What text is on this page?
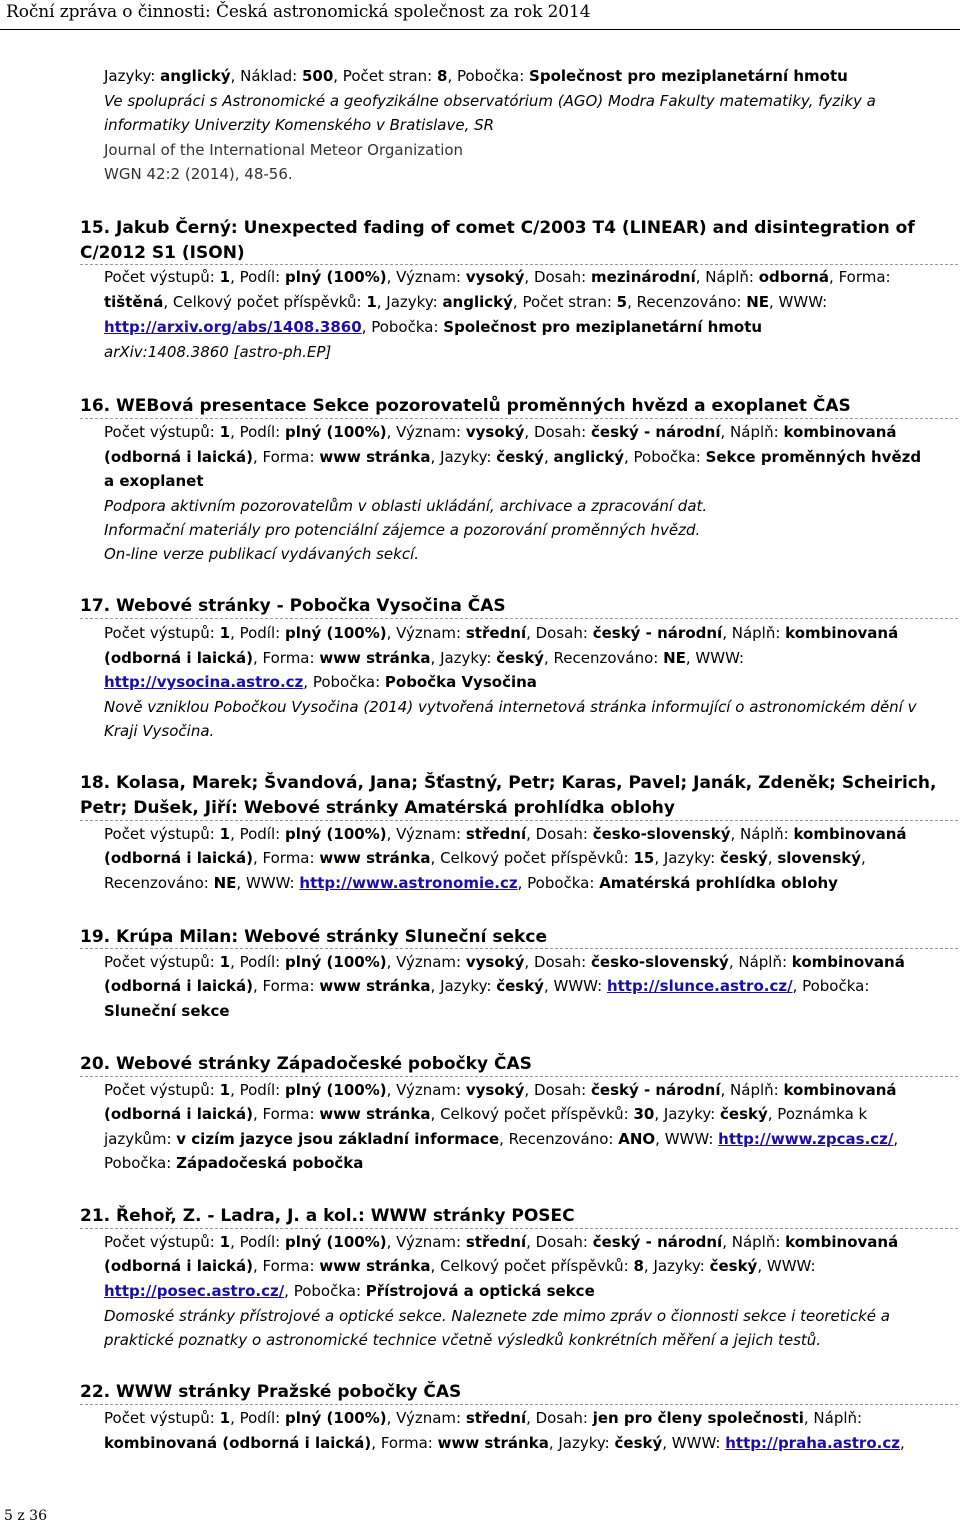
Roční zpráva o činnosti: Česká astronomická společnost za rok 2014
Jazyky: anglický, Náklad: 500, Počet stran: 8, Pobočka: Společnost pro meziplanetární hmotu
Ve spolupráci s Astronomické a geofyzikálne observatórium (AGO) Modra Fakulty matematiky, fyziky a
informatiky Univerzity Komenského v Bratislave, SR
Journal of the International Meteor Organization
WGN 42:2 (2014), 48-56.
15. Jakub Černý: Unexpected fading of comet C/2003 T4 (LINEAR) and disintegration of
C/2012 S1 (ISON)
Počet výstupů: 1, Podíl: plný (100%), Význam: vysoký, Dosah: mezinárodní, Náplň: odborná, Forma:
tištěná, Celkový počet příspěvků: 1, Jazyky: anglický, Počet stran: 5, Recenzováno: NE, WWW:
http://arxiv.org/abs/1408.3860, Pobočka: Společnost pro meziplanetární hmotu
arXiv:1408.3860 [astro-ph.EP]
16. WEBová presentace Sekce pozorovatelů proměnných hvězd a exoplanet ČAS
Počet výstupů: 1, Podíl: plný (100%), Význam: vysoký, Dosah: český - národní, Náplň: kombinovaná
(odborná i laická), Forma: www stránka, Jazyky: český, anglický, Pobočka: Sekce proměnných hvězd
a exoplanet
Podpora aktivním pozorovatelům v oblasti ukládání, archivace a zpracování dat.
Informační materiály pro potenciální zájemce a pozorování proměnných hvězd.
On-line verze publikací vydávaných sekcí.
17. Webové stránky - Pobočka Vysočina ČAS
Počet výstupů: 1, Podíl: plný (100%), Význam: střední, Dosah: český - národní, Náplň: kombinovaná
(odborná i laická), Forma: www stránka, Jazyky: český, Recenzováno: NE, WWW:
http://vysocina.astro.cz, Pobočka: Pobočka Vysočina
Nově vzniklou Pobočkou Vysočina (2014) vytvořená internetová stránka informující o astronomickém dění v
Kraji Vysočina.
18. Kolasa, Marek; Švandová, Jana; Šťastný, Petr; Karas, Pavel; Janák, Zdeněk; Scheirich,
Petr; Dušek, Jiří: Webové stránky Amatérská prohlídka oblohy
Počet výstupů: 1, Podíl: plný (100%), Význam: střední, Dosah: česko-slovenský, Náplň: kombinovaná
(odborná i laická), Forma: www stránka, Celkový počet příspěvků: 15, Jazyky: český, slovenský,
Recenzováno: NE, WWW: http://www.astronomie.cz, Pobočka: Amatérská prohlídka oblohy
19. Krúpa Milan: Webové stránky Sluneční sekce
Počet výstupů: 1, Podíl: plný (100%), Význam: vysoký, Dosah: česko-slovenský, Náplň: kombinovaná
(odborná i laická), Forma: www stránka, Jazyky: český, WWW: http://slunce.astro.cz/, Pobočka:
Sluneční sekce
20. Webové stránky Západočeské pobočky ČAS
Počet výstupů: 1, Podíl: plný (100%), Význam: vysoký, Dosah: český - národní, Náplň: kombinovaná
(odborná i laická), Forma: www stránka, Celkový počet příspěvků: 30, Jazyky: český, Poznámka k
jazykům: v cizím jazyce jsou základní informace, Recenzováno: ANO, WWW: http://www.zpcas.cz/,
Pobočka: Západočeská pobočka
21. Řehoř, Z. - Ladra, J. a kol.: WWW stránky POSEC
Počet výstupů: 1, Podíl: plný (100%), Význam: střední, Dosah: český - národní, Náplň: kombinovaná
(odborná i laická), Forma: www stránka, Celkový počet příspěvků: 8, Jazyky: český, WWW:
http://posec.astro.cz/, Pobočka: Přístrojová a optická sekce
Domoské stránky přístrojové a optické sekce. Naleznete zde mimo zpráv o čionnosti sekce i teoretické a
praktické poznatky o astronomické technice včetně výsledků konkrétních měření a jejich testů.
22. WWW stránky Pražské pobočky ČAS
Počet výstupů: 1, Podíl: plný (100%), Význam: střední, Dosah: jen pro členy společnosti, Náplň:
kombinovaná (odborná i laická), Forma: www stránka, Jazyky: český, WWW: http://praha.astro.cz,
5 z 36
